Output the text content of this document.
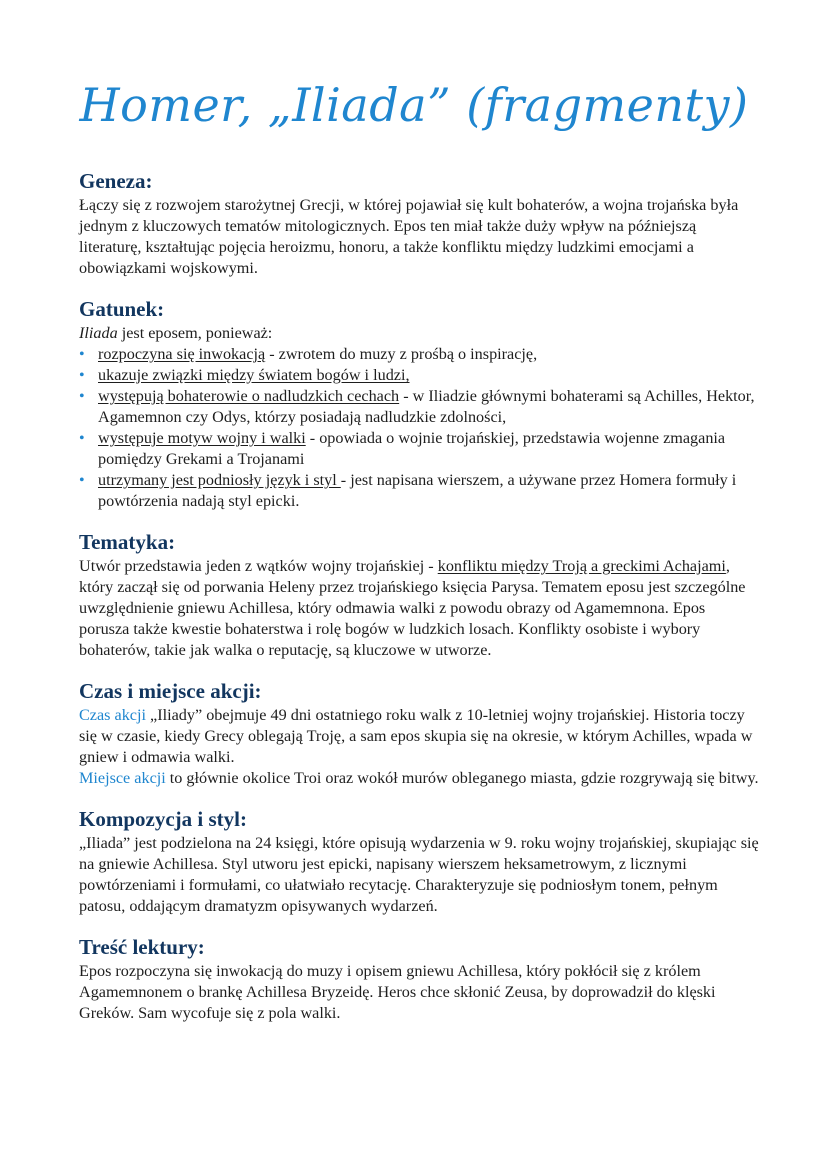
Homer, „Iliada” (fragmenty)
Geneza:

Łączy się z rozwojem starożytnej Grecji, w której pojawiał się kult bohaterów, a wojna trojańska była jednym z kluczowych tematów mitologicznych. Epos ten miał także duży wpływ na późniejszą literaturę, kształtując pojęcia heroizmu, honoru, a także konfliktu między ludzkimi emocjami a obowiązkami wojskowymi.

Gatunek:

Iliada jest eposem, ponieważ:

• rozpoczyna się inwokacją - zwrotem do muzy z prośbą o inspirację,
• ukazuje związki między światem bogów i ludzi,
• występują bohaterowie o nadludzkich cechach - w Iliadzie głównymi bohaterami są Achilles, Hektor, Agamemnon czy Odys, którzy posiadają nadludzkie zdolności,
• występuje motyw wojny i walki - opowiada o wojnie trojańskiej, przedstawia wojenne zmagania pomiędzy Grekami a Trojanami
• utrzymany jest podniosły język i styl - jest napisana wierszem, a używane przez Homera formuły i powtórzenia nadają styl epicki.
Tematyka:

Utwór przedstawia jeden z wątków wojny trojańskiej - konfliktu między Troją a greckimi Achajami, który zaczął się od porwania Heleny przez trojańskiego księcia Parysa. Tematem eposu jest szczególne uwzględnienie gniewu Achillesa, który odmawia walki z powodu obrazy od Agamemnona. Epos porusza także kwestie bohaterstwa i rolę bogów w ludzkich losach. Konflikty osobiste i wybory bohaterów, takie jak walka o reputację, są kluczowe w utworze.

Czas i miejsce akcji:

Czas akcji „Iliady” obejmuje 49 dni ostatniego roku walk z 10-letniej wojny trojańskiej. Historia toczy się w czasie, kiedy Grecy oblegają Troję, a sam epos skupia się na okresie, w którym Achilles, wpada w gniew i odmawia walki.

Miejsce akcji to głównie okolice Troi oraz wokół murów obleganego miasta, gdzie rozgrywają się bitwy.

Kompozycja i styl:

„Iliada” jest podzielona na 24 księgi, które opisują wydarzenia w 9. roku wojny trojańskiej, skupiając się na gniewie Achillesa. Styl utworu jest epicki, napisany wierszem heksametrowym, z licznymi powtórzeniami i formułami, co ułatwiało recytację. Charakteryzuje się podniosłym tonem, pełnym patosu, oddającym dramatyzm opisywanych wydarzeń.

Treść lektury:

Epos rozpoczyna się inwokacją do muzy i opisem gniewu Achillesa, który pokłócił się z królem Agamemnonem o brankę Achillesa Bryzeidę. Heros chce skłonić Zeusa, by doprowadził do klęski Greków. Sam wycofuje się z pola walki.
